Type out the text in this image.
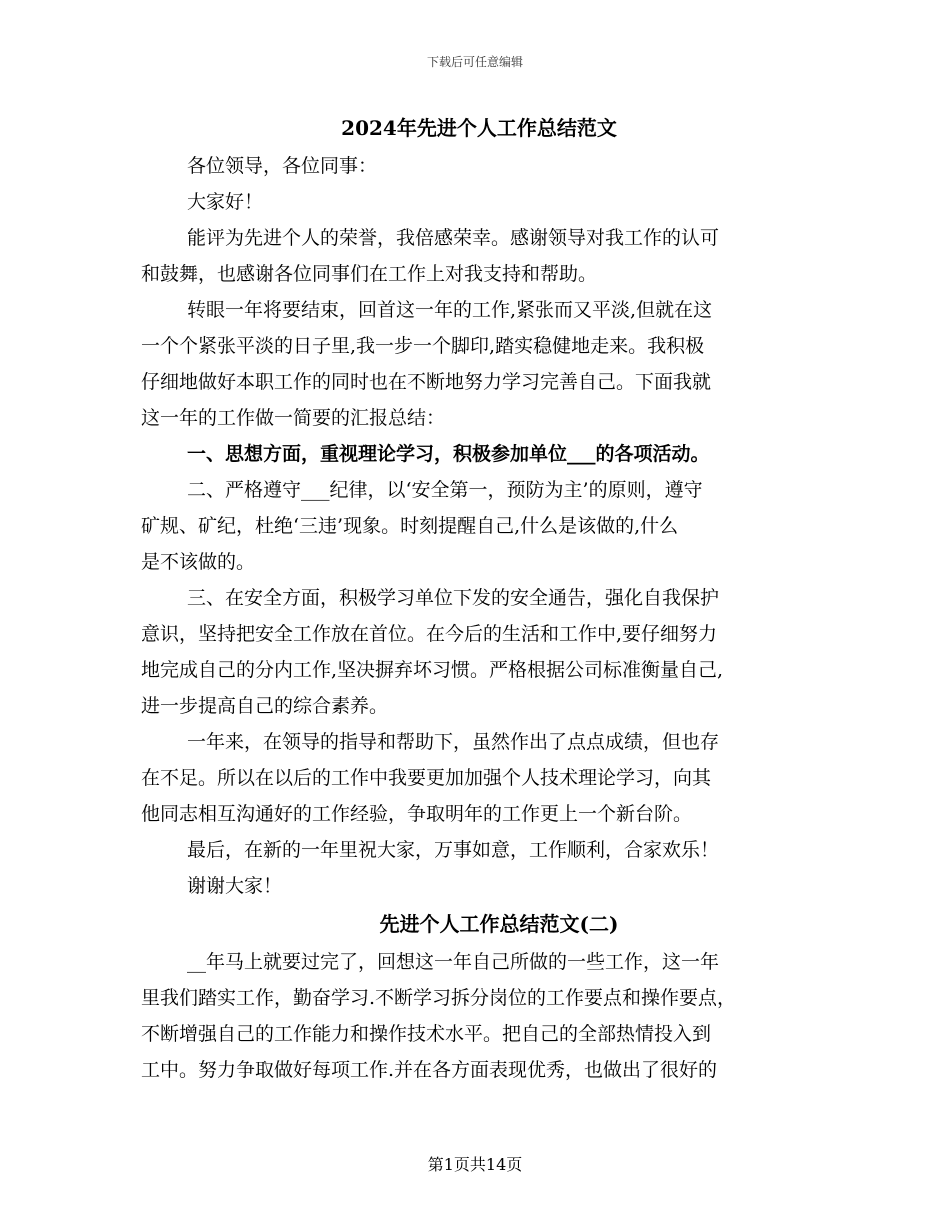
下载后可任意编辑
2024年先进个人工作总结范文
各位领导，各位同事：
大家好！
能评为先进个人的荣誉，我倍感荣幸。感谢领导对我工作的认可
和鼓舞，也感谢各位同事们在工作上对我支持和帮助。
转眼一年将要结束，回首这一年的工作,紧张而又平淡,但就在这
一个个紧张平淡的日子里,我一步一个脚印,踏实稳健地走来。我积极
仔细地做好本职工作的同时也在不断地努力学习完善自己。下面我就
这一年的工作做一简要的汇报总结：
一、思想方面，重视理论学习，积极参加单位___的各项活动。
二、严格遵守___纪律，以‘安全第一，预防为主’的原则，遵守
矿规、矿纪，杜绝‘三违’现象。时刻提醒自己,什么是该做的,什么
是不该做的。
三、在安全方面，积极学习单位下发的安全通告，强化自我保护
意识，坚持把安全工作放在首位。在今后的生活和工作中,要仔细努力
地完成自己的分内工作,坚决摒弃坏习惯。严格根据公司标准衡量自己,
进一步提高自己的综合素养。
一年来，在领导的指导和帮助下，虽然作出了点点成绩，但也存
在不足。所以在以后的工作中我要更加加强个人技术理论学习，向其
他同志相互沟通好的工作经验，争取明年的工作更上一个新台阶。
最后，在新的一年里祝大家，万事如意，工作顺利，合家欢乐！
谢谢大家！
先进个人工作总结范文(二)
__年马上就要过完了，回想这一年自己所做的一些工作，这一年
里我们踏实工作，勤奋学习.不断学习拆分岗位的工作要点和操作要点，
不断增强自己的工作能力和操作技术水平。把自己的全部热情投入到
工中。努力争取做好每项工作.并在各方面表现优秀，也做出了很好的
第1页共14页
